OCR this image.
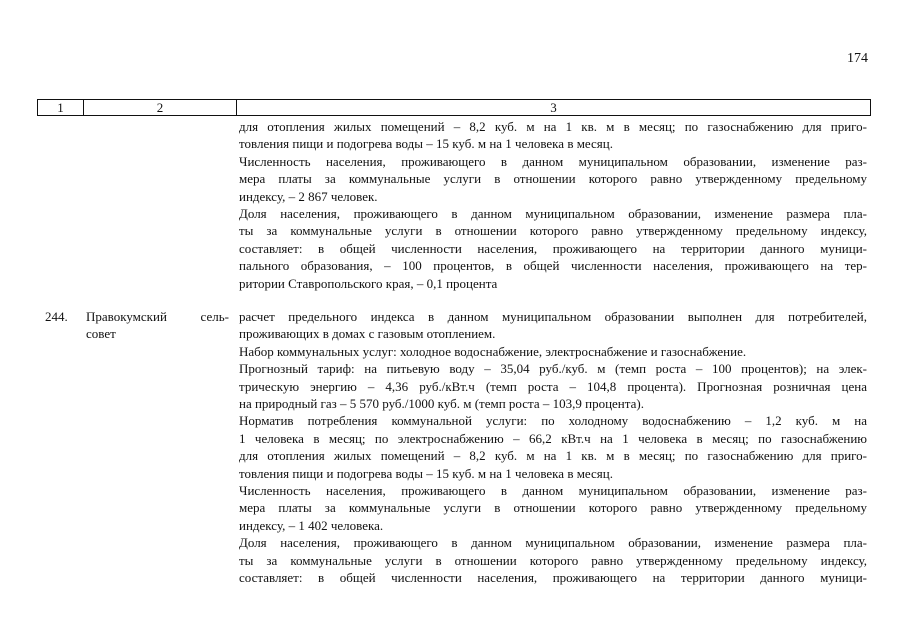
174
1	2	3
для отопления жилых помещений – 8,2 куб. м на 1 кв. м в месяц; по газоснабжению для приго-
товления пищи и подогрева воды – 15 куб. м на 1 человека в месяц.
Численность населения, проживающего в данном муниципальном образовании, изменение раз-
мера платы за коммунальные услуги в отношении которого равно утвержденному предельному
индексу, – 2 867 человек.
Доля населения, проживающего в данном муниципальном образовании, изменение размера пла-
ты за коммунальные услуги в отношении которого равно утвержденному предельному индексу,
составляет: в общей численности населения, проживающего на территории данного муници-
пального образования, – 100 процентов, в общей численности населения, проживающего на тер-
ритории Ставропольского края, – 0,1 процента
244. Правокумский сель-
совет
расчет предельного индекса в данном муниципальном образовании выполнен для потребителей,
проживающих в домах с газовым отоплением.
Набор коммунальных услуг: холодное водоснабжение, электроснабжение и газоснабжение.
Прогнозный тариф: на питьевую воду – 35,04 руб./куб. м (темп роста – 100 процентов); на элек-
трическую энергию – 4,36 руб./кВт.ч (темп роста – 104,8 процента). Прогнозная розничная цена
на природный газ – 5 570 руб./1000 куб. м (темп роста – 103,9 процента).
Норматив потребления коммунальной услуги: по холодному водоснабжению – 1,2 куб. м на
1 человека в месяц; по электроснабжению – 66,2 кВт.ч на 1 человека в месяц; по газоснабжению
для отопления жилых помещений – 8,2 куб. м на 1 кв. м в месяц; по газоснабжению для приго-
товления пищи и подогрева воды – 15 куб. м на 1 человека в месяц.
Численность населения, проживающего в данном муниципальном образовании, изменение раз-
мера платы за коммунальные услуги в отношении которого равно утвержденному предельному
индексу, – 1 402 человека.
Доля населения, проживающего в данном муниципальном образовании, изменение размера пла-
ты за коммунальные услуги в отношении которого равно утвержденному предельному индексу,
составляет: в общей численности населения, проживающего на территории данного муници-
